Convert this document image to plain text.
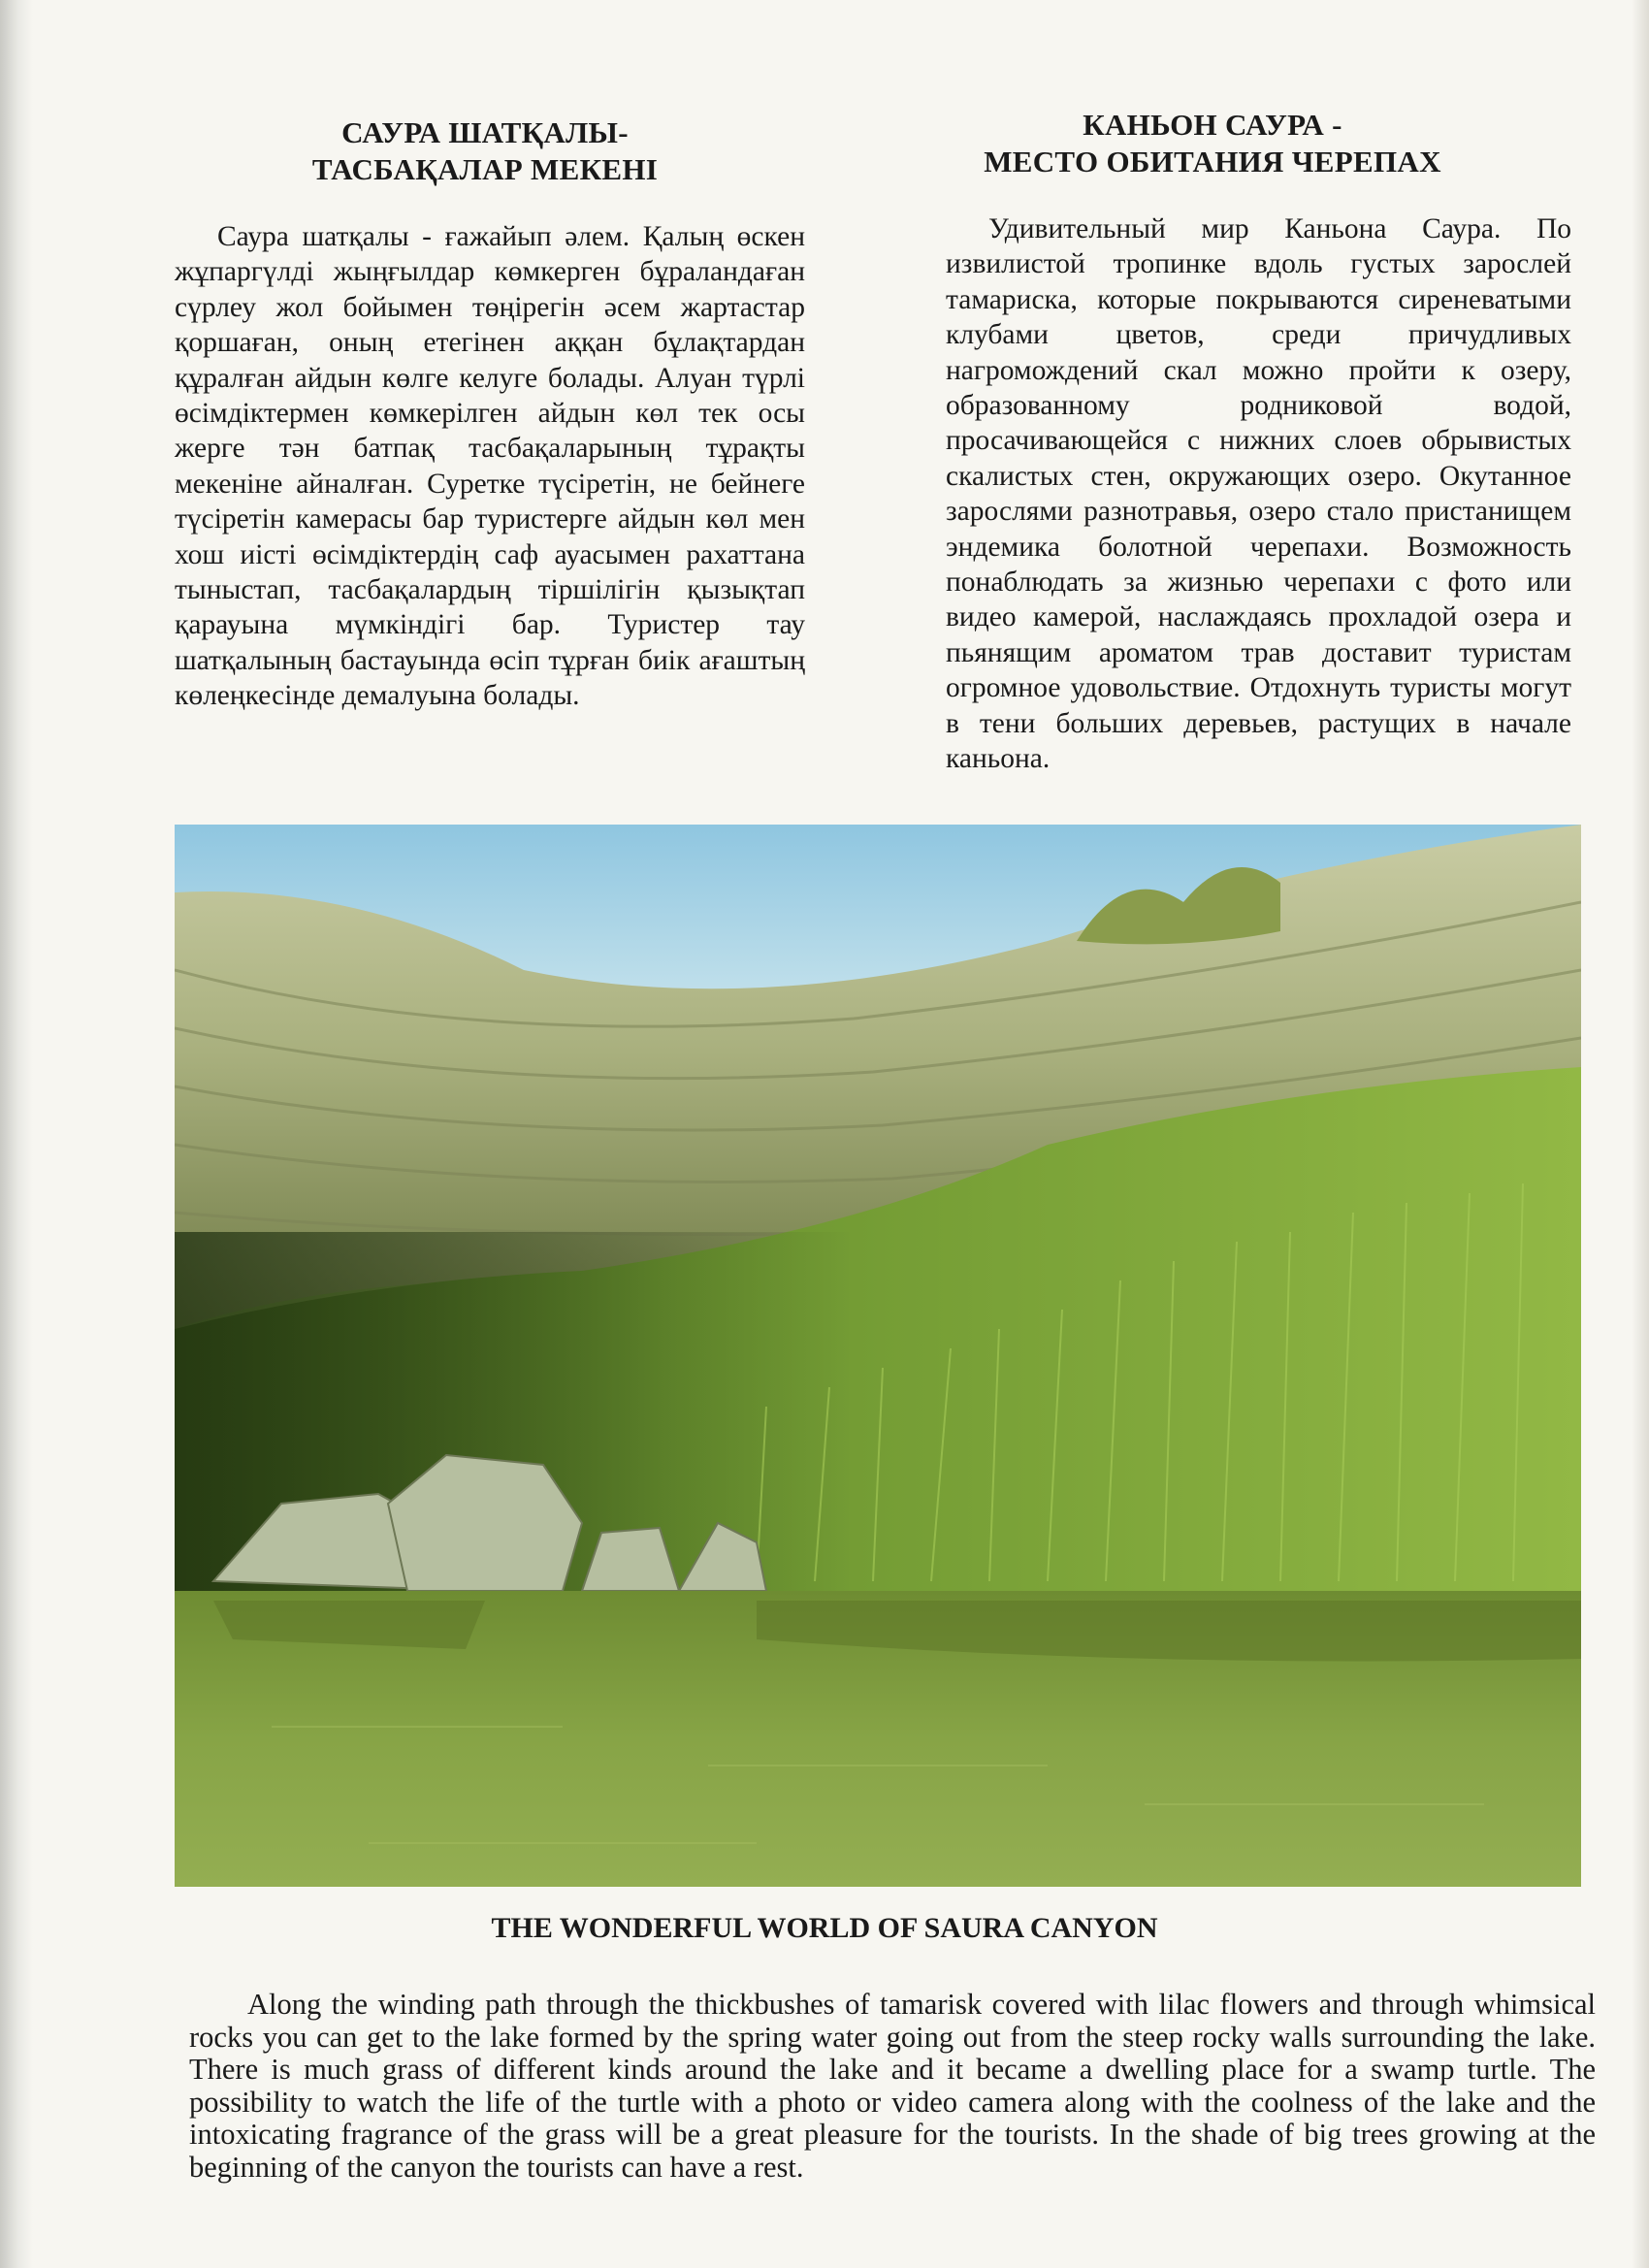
САУРА ШАТҚАЛЫ-
ТАСБАҚАЛАР МЕКЕНІ
КАНЬОН САУРА -
МЕСТО ОБИТАНИЯ ЧЕРЕПАХ

Саура шатқалы - ғажайып әлем. Қалың өскен жұпаргүлді жыңғылдар көмкерген бұраландаған сүрлеу жол бойымен төңірегін әсем жартастар қоршаған, оның етегінен аққан бұлақтардан құралған айдын көлге келуге болады. Алуан түрлі өсімдіктермен көмкерілген айдын көл тек осы жерге тән батпақ тасбақаларының тұрақты мекеніне айналған. Суретке түсіретін, не бейнеге түсіретін камерасы бар туристерге айдын көл мен хош иісті өсімдіктердің саф ауасымен рахаттана тыныстап, тасбақалардың тіршілігін қызықтап қарауына мүмкіндігі бар. Туристер тау шатқалының бастауында өсіп тұрған биік ағаштың көлеңкесінде демалуына болады.

Удивительный мир Каньона Саура. По извилистой тропинке вдоль густых зарослей тамариска, которые покрываются сиреневатыми клубами цветов, среди причудливых нагромождений скал можно пройти к озеру, образованному родниковой водой, просачивающейся с нижних слоев обрывистых скалистых стен, окружающих озеро. Окутанное зарослями разнотравья, озеро стало пристанищем эндемика болотной черепахи. Возможность понаблюдать за жизнью черепахи с фото или видео камерой, наслаждаясь прохладой озера и пьянящим ароматом трав доставит туристам огромное удовольствие. Отдохнуть туристы могут в тени больших деревьев, растущих в начале каньона.

THE WONDERFUL WORLD OF SAURA CANYON

Along the winding path through the thickbushes of tamarisk covered with lilac flowers and through whimsical rocks you can get to the lake formed by the spring water going out from the steep rocky walls surrounding the lake. There is much grass of different kinds around the lake and it became a dwelling place for a swamp turtle. The possibility to watch the life of the turtle with a photo or video camera along with the coolness of the lake and the intoxicating fragrance of the grass will be a great pleasure for the tourists. In the shade of big trees growing at the beginning of the canyon the tourists can have a rest.
